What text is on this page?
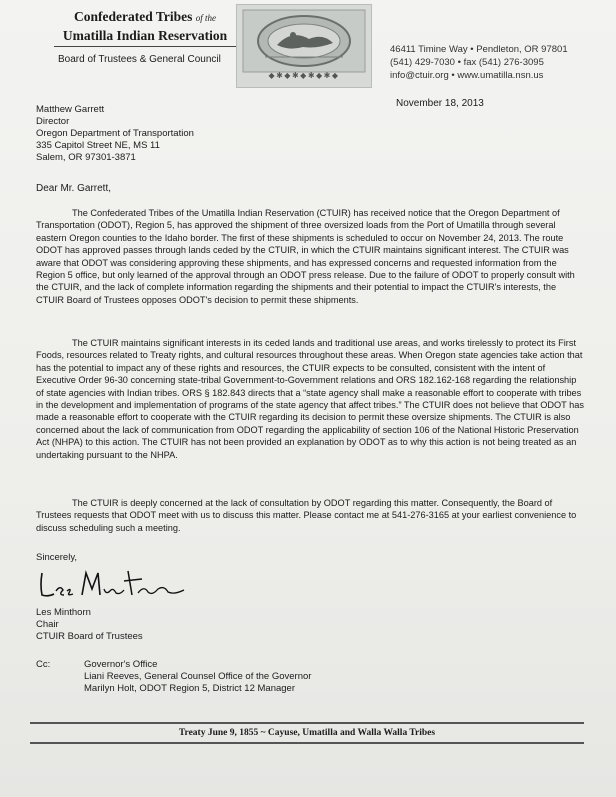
Confederated Tribes of the
Umatilla Indian Reservation
Board of Trustees & General Council
◆✱◆✱◆✱◆✱◆
46411 Timine Way • Pendleton, OR 97801
(541) 429-7030 • fax (541) 276-3095
info@ctuir.org • www.umatilla.nsn.us
November 18, 2013
Matthew Garrett
Director
Oregon Department of Transportation
335 Capitol Street NE, MS 11
Salem, OR 97301-3871
Dear Mr. Garrett,
The Confederated Tribes of the Umatilla Indian Reservation (CTUIR) has received notice that the Oregon Department of Transportation (ODOT), Region 5, has approved the shipment of three oversized loads from the Port of Umatilla through several eastern Oregon counties to the Idaho border. The first of these shipments is scheduled to occur on November 24, 2013. The route ODOT has approved passes through lands ceded by the CTUIR, in which the CTUIR maintains significant interest. The CTUIR was aware that ODOT was considering approving these shipments, and has expressed concerns and requested information from the Region 5 office, but only learned of the approval through an ODOT press release. Due to the failure of ODOT to properly consult with the CTUIR, and the lack of complete information regarding the shipments and their potential to impact the CTUIR's interests, the CTUIR Board of Trustees opposes ODOT's decision to permit these shipments.
The CTUIR maintains significant interests in its ceded lands and traditional use areas, and works tirelessly to protect its First Foods, resources related to Treaty rights, and cultural resources throughout these areas. When Oregon state agencies take action that has the potential to impact any of these rights and resources, the CTUIR expects to be consulted, consistent with the intent of Executive Order 96-30 concerning state-tribal Government-to-Government relations and ORS 182.162-168 regarding the relationship of state agencies with Indian tribes. ORS § 182.843 directs that a “state agency shall make a reasonable effort to cooperate with tribes in the development and implementation of programs of the state agency that affect tribes.” The CTUIR does not believe that ODOT has made a reasonable effort to cooperate with the CTUIR regarding its decision to permit these oversize shipments. The CTUIR is also concerned about the lack of communication from ODOT regarding the applicability of section 106 of the National Historic Preservation Act (NHPA) to this action. The CTUIR has not been provided an explanation by ODOT as to why this action is not being treated as an undertaking pursuant to the NHPA.
The CTUIR is deeply concerned at the lack of consultation by ODOT regarding this matter. Consequently, the Board of Trustees requests that ODOT meet with us to discuss this matter. Please contact me at 541-276-3165 at your earliest convenience to discuss scheduling such a meeting.
Sincerely,
Les Minthorn
Chair
CTUIR Board of Trustees
Cc:	Governor's Office
Liani Reeves, General Counsel Office of the Governor
Marilyn Holt, ODOT Region 5, District 12 Manager
Treaty June 9, 1855 ~ Cayuse, Umatilla and Walla Walla Tribes
